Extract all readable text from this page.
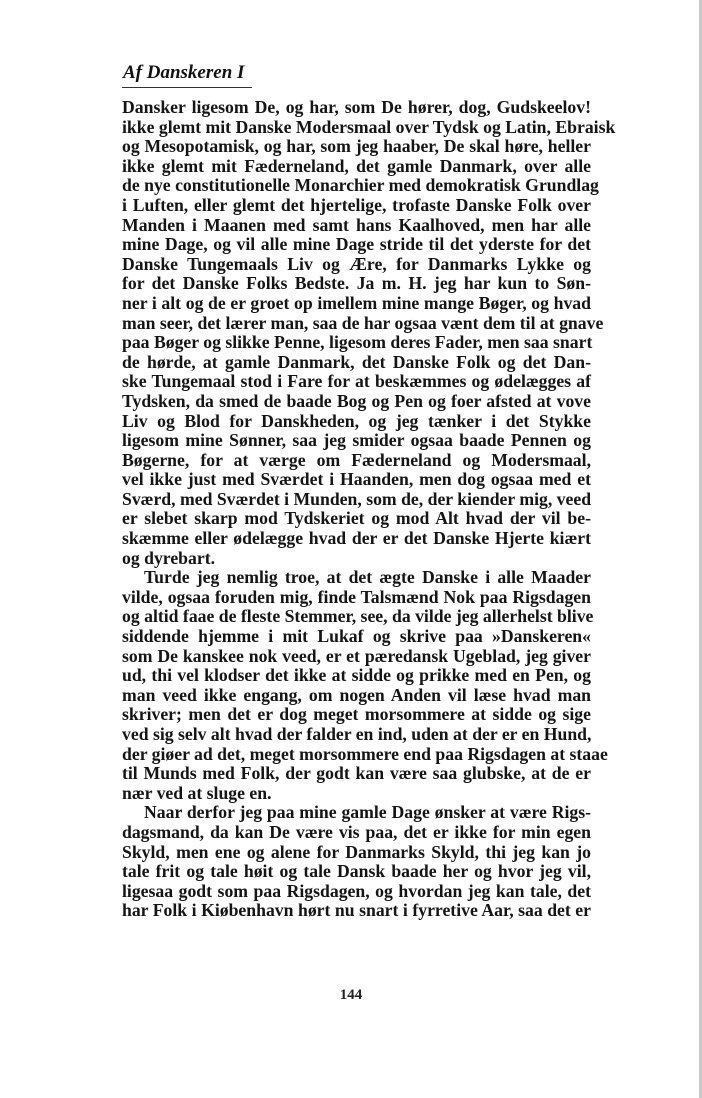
Af Danskeren I
Dansker ligesom De, og har, som De hører, dog, Gudskeelov!
ikke glemt mit Danske Modersmaal over Tydsk og Latin, Ebraisk
og Mesopotamisk, og har, som jeg haaber, De skal høre, heller
ikke glemt mit Fæderneland, det gamle Danmark, over alle
de nye constitutionelle Monarchier med demokratisk Grundlag
i Luften, eller glemt det hjertelige, trofaste Danske Folk over
Manden i Maanen med samt hans Kaalhoved, men har alle
mine Dage, og vil alle mine Dage stride til det yderste for det
Danske Tungemaals Liv og Ære, for Danmarks Lykke og
for det Danske Folks Bedste. Ja m. H. jeg har kun to Søn-
ner i alt og de er groet op imellem mine mange Bøger, og hvad
man seer, det lærer man, saa de har ogsaa vænt dem til at gnave
paa Bøger og slikke Penne, ligesom deres Fader, men saa snart
de hørde, at gamle Danmark, det Danske Folk og det Dan-
ske Tungemaal stod i Fare for at beskæmmes og ødelægges af
Tydsken, da smed de baade Bog og Pen og foer afsted at vove
Liv og Blod for Danskheden, og jeg tænker i det Stykke
ligesom mine Sønner, saa jeg smider ogsaa baade Pennen og
Bøgerne, for at værge om Fæderneland og Modersmaal,
vel ikke just med Sværdet i Haanden, men dog ogsaa med et
Sværd, med Sværdet i Munden, som de, der kiender mig, veed
er slebet skarp mod Tydskeriet og mod Alt hvad der vil be-
skæmme eller ødelægge hvad der er det Danske Hjerte kiært
og dyrebart.
Turde jeg nemlig troe, at det ægte Danske i alle Maader
vilde, ogsaa foruden mig, finde Talsmænd Nok paa Rigsdagen
og altid faae de fleste Stemmer, see, da vilde jeg allerhelst blive
siddende hjemme i mit Lukaf og skrive paa »Danskeren«
som De kanskee nok veed, er et pæredansk Ugeblad, jeg giver
ud, thi vel klodser det ikke at sidde og prikke med en Pen, og
man veed ikke engang, om nogen Anden vil læse hvad man
skriver; men det er dog meget morsommere at sidde og sige
ved sig selv alt hvad der falder en ind, uden at der er en Hund,
der giøer ad det, meget morsommere end paa Rigsdagen at staae
til Munds med Folk, der godt kan være saa glubske, at de er
nær ved at sluge en.
Naar derfor jeg paa mine gamle Dage ønsker at være Rigs-
dagsmand, da kan De være vis paa, det er ikke for min egen
Skyld, men ene og alene for Danmarks Skyld, thi jeg kan jo
tale frit og tale høit og tale Dansk baade her og hvor jeg vil,
ligesaa godt som paa Rigsdagen, og hvordan jeg kan tale, det
har Folk i Kiøbenhavn hørt nu snart i fyrretive Aar, saa det er
144
